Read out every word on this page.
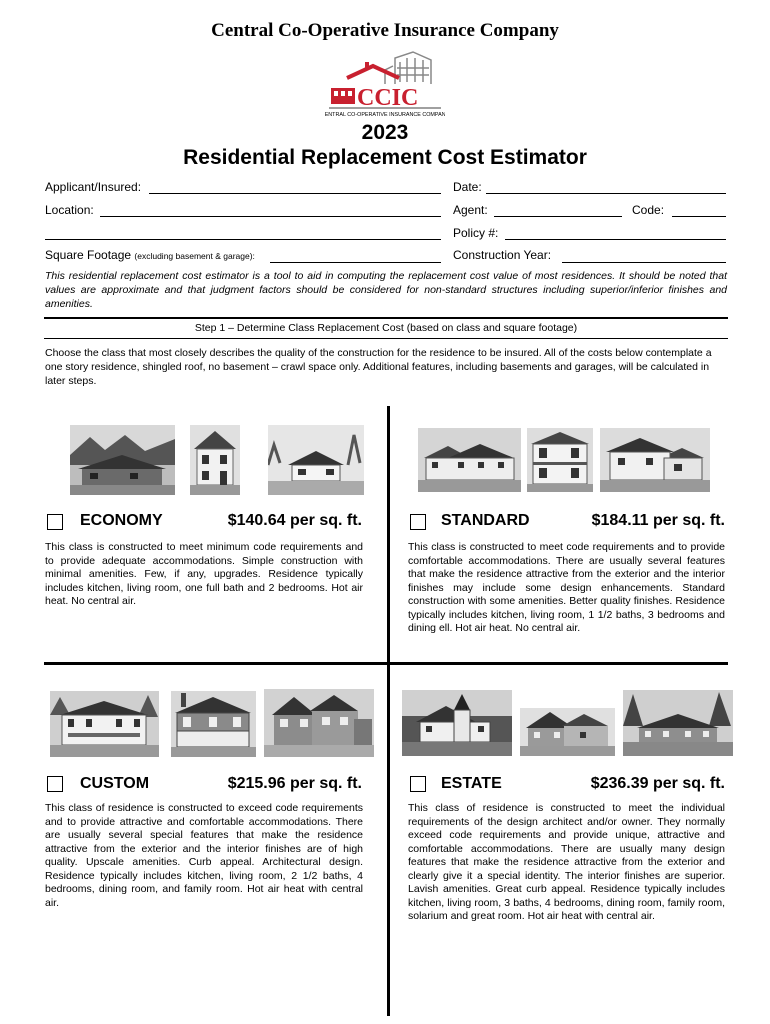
Central Co-Operative Insurance Company
CCIC
CENTRAL CO-OPERATIVE INSURANCE COMPANY
2023
Residential Replacement Cost Estimator
Applicant/Insured:	Date:
Location:	Agent:	Code:
Policy #:
Square Footage (excluding basement & garage):	Construction Year:
This residential replacement cost estimator is a tool to aid in computing the replacement cost value of most residences. It should be noted that values are approximate and that judgment factors should be considered for non-standard structures including superior/inferior finishes and amenities.
Step 1 – Determine Class Replacement Cost (based on class and square footage)
Choose the class that most closely describes the quality of the construction for the residence to be insured. All of the costs below contemplate a one story residence, shingled roof, no basement – crawl space only. Additional features, including basements and garages, will be calculated in later steps.
ECONOMY	$140.64 per sq. ft.
This class is constructed to meet minimum code requirements and to provide adequate accommodations. Simple construction with minimal amenities. Few, if any, upgrades. Residence typically includes kitchen, living room, one full bath and 2 bedrooms. Hot air heat. No central air.
STANDARD	$184.11 per sq. ft.
This class is constructed to meet code requirements and to provide comfortable accommodations. There are usually several features that make the residence attractive from the exterior and the interior finishes may include some design enhancements. Standard construction with some amenities. Better quality finishes. Residence typically includes kitchen, living room, 1 1/2 baths, 3 bedrooms and dining ell. Hot air heat. No central air.
CUSTOM	$215.96 per sq. ft.
This class of residence is constructed to exceed code requirements and to provide attractive and comfortable accommodations. There are usually several special features that make the residence attractive from the exterior and the interior finishes are of high quality. Upscale amenities. Curb appeal. Architectural design. Residence typically includes kitchen, living room, 2 1/2 baths, 4 bedrooms, dining room, and family room. Hot air heat with central air.
ESTATE	$236.39 per sq. ft.
This class of residence is constructed to meet the individual requirements of the design architect and/or owner. They normally exceed code requirements and provide unique, attractive and comfortable accommodations. There are usually many design features that make the residence attractive from the exterior and clearly give it a special identity. The interior finishes are superior. Lavish amenities. Great curb appeal. Residence typically includes kitchen, living room, 3 baths, 4 bedrooms, dining room, family room, solarium and great room. Hot air heat with central air.
